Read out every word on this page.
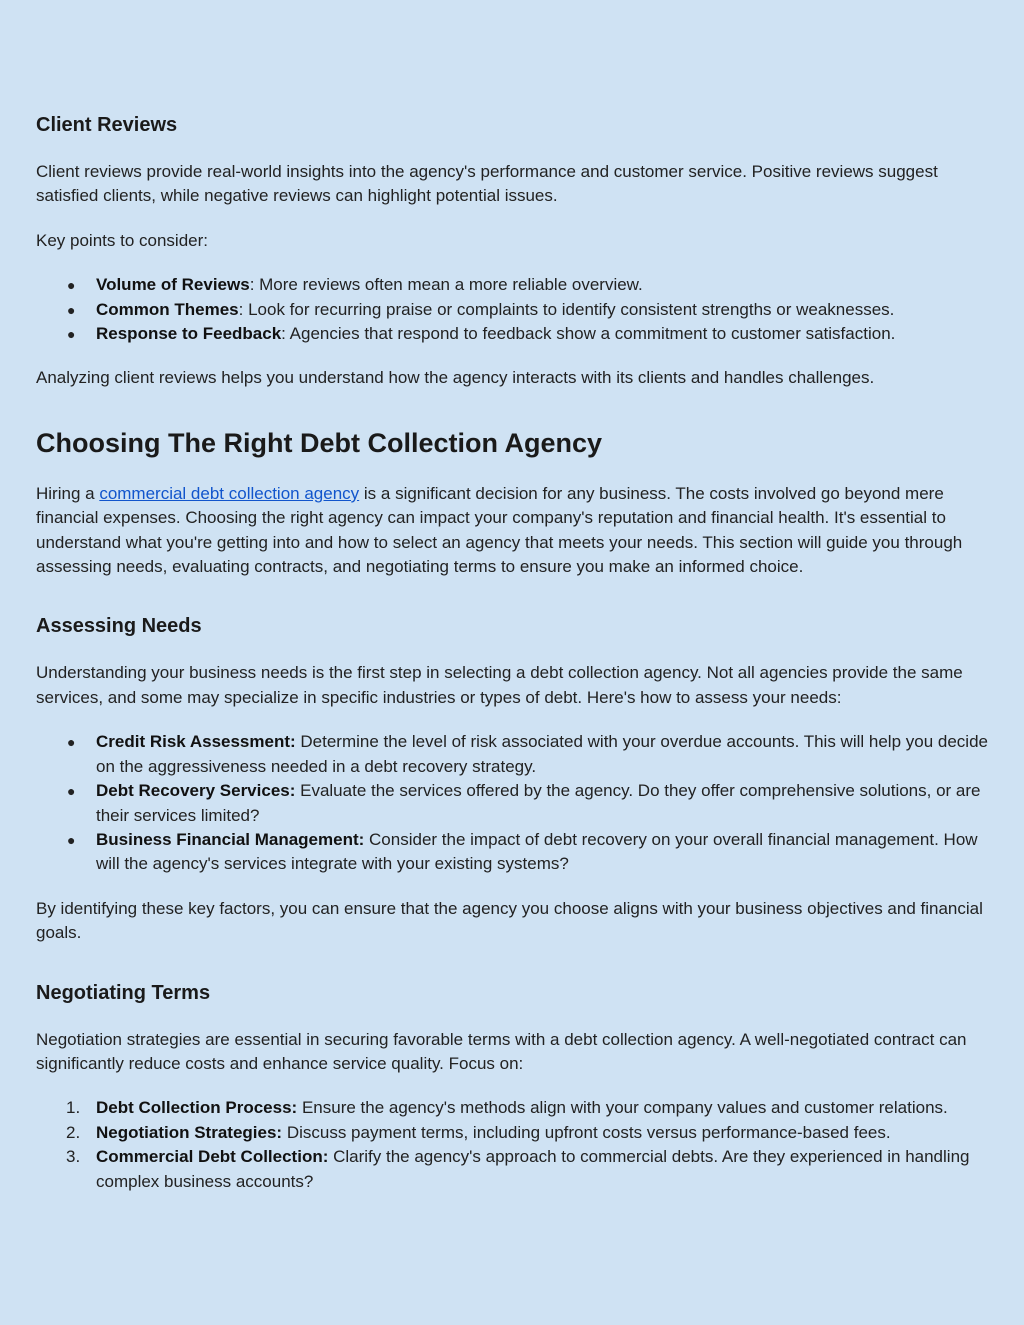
Client Reviews

Client reviews provide real-world insights into the agency's performance and customer service. Positive reviews suggest satisfied clients, while negative reviews can highlight potential issues.

Key points to consider:

● Volume of Reviews: More reviews often mean a more reliable overview.
● Common Themes: Look for recurring praise or complaints to identify consistent strengths or weaknesses.
● Response to Feedback: Agencies that respond to feedback show a commitment to customer satisfaction.

Analyzing client reviews helps you understand how the agency interacts with its clients and handles challenges.

Choosing The Right Debt Collection Agency

Hiring a commercial debt collection agency is a significant decision for any business. The costs involved go beyond mere financial expenses. Choosing the right agency can impact your company's reputation and financial health. It's essential to understand what you're getting into and how to select an agency that meets your needs. This section will guide you through assessing needs, evaluating contracts, and negotiating terms to ensure you make an informed choice.

Assessing Needs

Understanding your business needs is the first step in selecting a debt collection agency. Not all agencies provide the same services, and some may specialize in specific industries or types of debt. Here's how to assess your needs:

● Credit Risk Assessment: Determine the level of risk associated with your overdue accounts. This will help you decide on the aggressiveness needed in a debt recovery strategy.
● Debt Recovery Services: Evaluate the services offered by the agency. Do they offer comprehensive solutions, or are their services limited?
● Business Financial Management: Consider the impact of debt recovery on your overall financial management. How will the agency's services integrate with your existing systems?

By identifying these key factors, you can ensure that the agency you choose aligns with your business objectives and financial goals.

Negotiating Terms

Negotiation strategies are essential in securing favorable terms with a debt collection agency. A well-negotiated contract can significantly reduce costs and enhance service quality. Focus on:

1. Debt Collection Process: Ensure the agency's methods align with your company values and customer relations.
2. Negotiation Strategies: Discuss payment terms, including upfront costs versus performance-based fees.
3. Commercial Debt Collection: Clarify the agency's approach to commercial debts. Are they experienced in handling complex business accounts?
